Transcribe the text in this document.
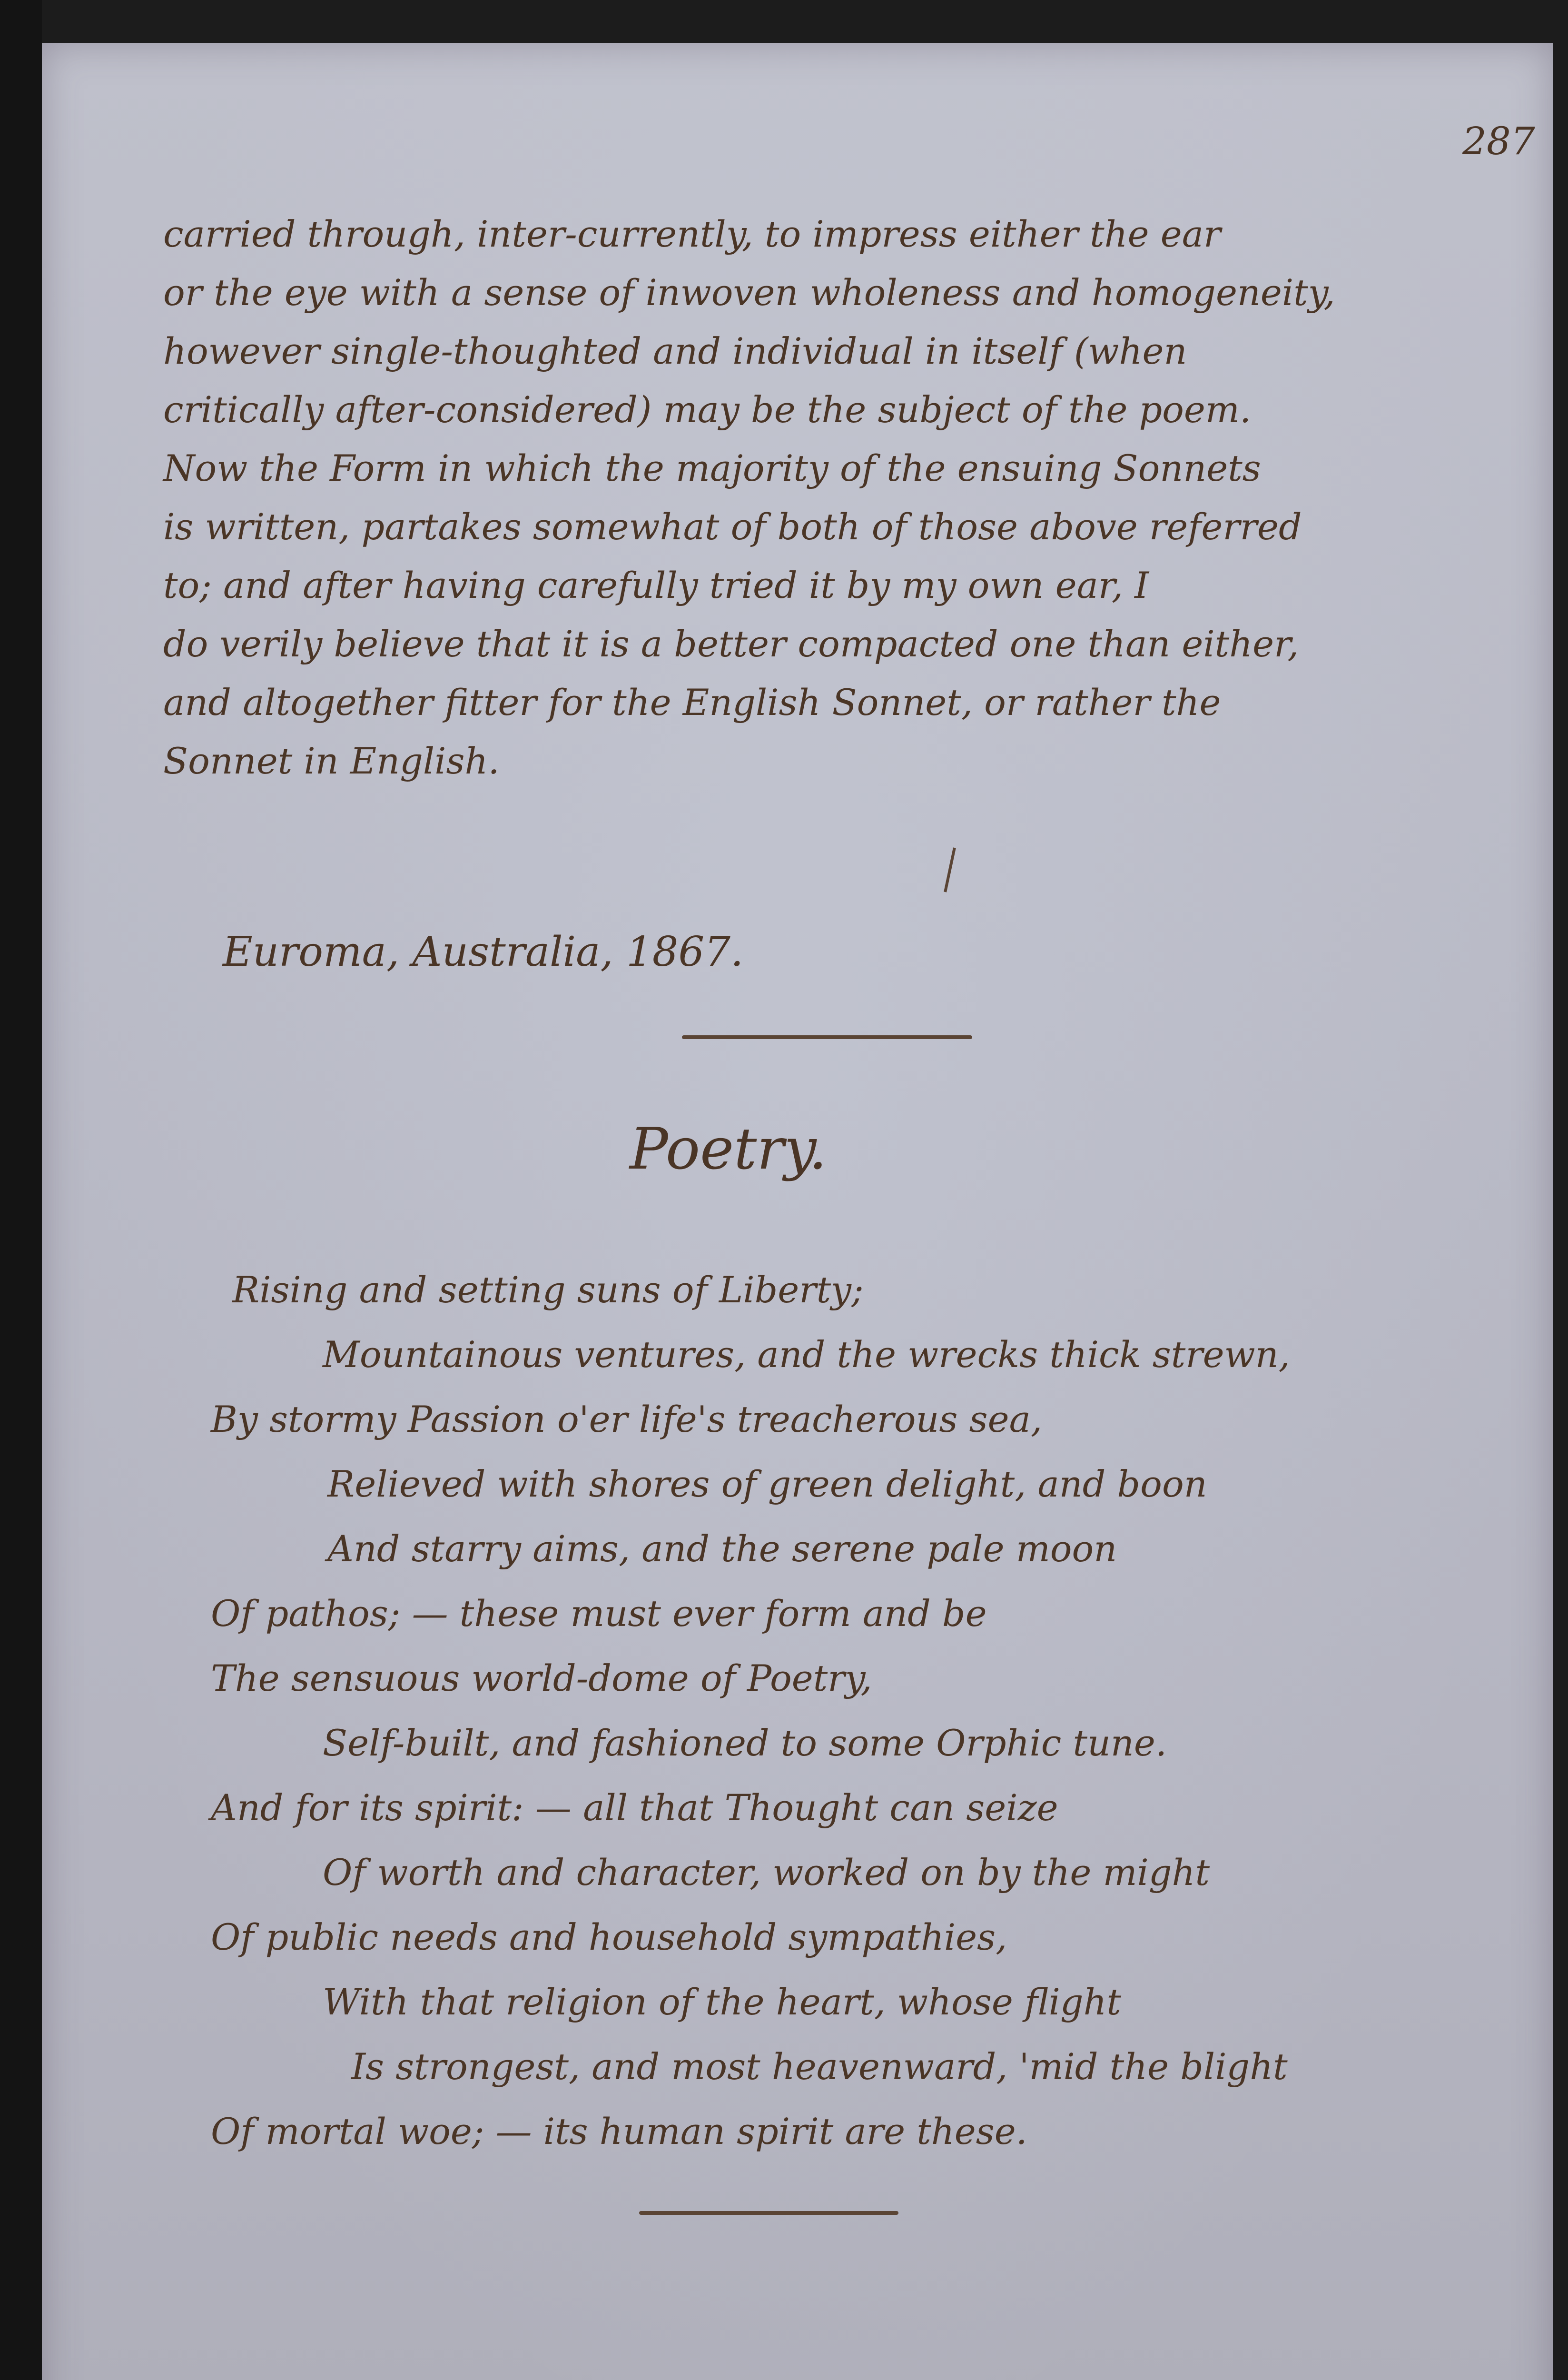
287
carried through, inter-currently, to impress either the ear
or the eye with a sense of inwoven wholeness and homogeneity,
however single-thoughted and individual in itself (when
critically after-considered) may be the subject of the poem.
Now the Form in which the majority of the ensuing Sonnets
is written, partakes somewhat of both of those above referred
to; and after having carefully tried it by my own ear, I
do verily believe that it is a better compacted one than either,
and altogether fitter for the English Sonnet, or rather the
Sonnet in English.
Euroma, Australia, 1867.
Poetry.
Rising and setting suns of Liberty;
Mountainous ventures, and the wrecks thick strewn,
By stormy Passion o'er life's treacherous sea,
Relieved with shores of green delight, and boon
And starry aims, and the serene pale moon
Of pathos; — these must ever form and be
The sensuous world-dome of Poetry,
Self-built, and fashioned to some Orphic tune.
And for its spirit: — all that Thought can seize
Of worth and character, worked on by the might
Of public needs and household sympathies,
With that religion of the heart, whose flight
Is strongest, and most heavenward, 'mid the blight
Of mortal woe; — its human spirit are these.
